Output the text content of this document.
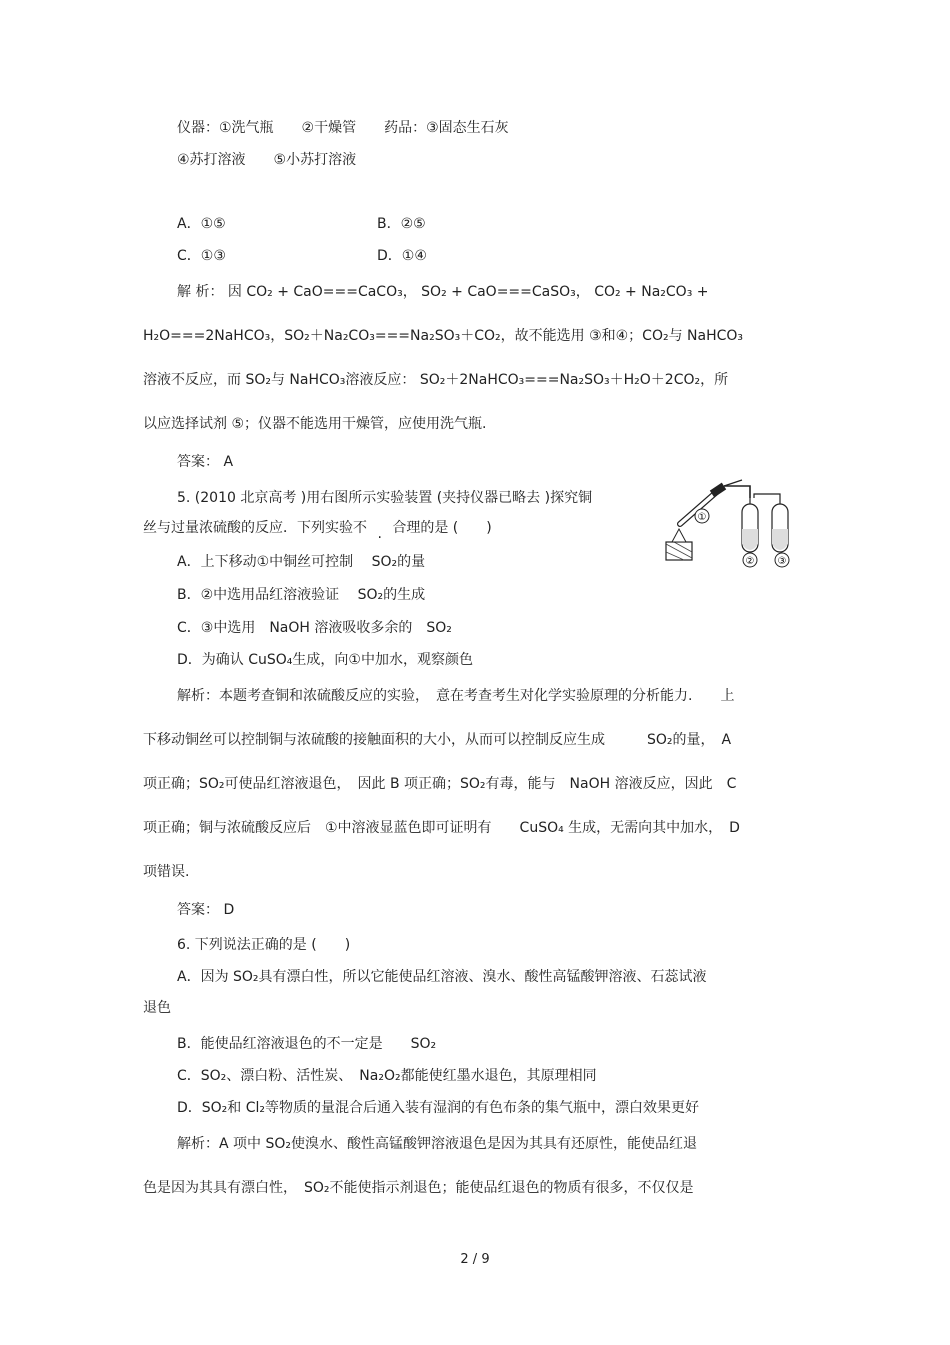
仪器：①洗气瓶　　②干燥管　　药品：③固态生石灰
④苏打溶液　　⑤小苏打溶液
A．①⑤	B．②⑤
C．①③	D．①④
解 析： 因 CO₂ + CaO===CaCO₃， SO₂ + CaO===CaSO₃， CO₂ + Na₂CO₃ +
H₂O===2NaHCO₃，SO₂＋Na₂CO₃===Na₂SO₃＋CO₂，故不能选用 ③和④；CO₂与 NaHCO₃
溶液不反应，而 SO₂与 NaHCO₃溶液反应： SO₂＋2NaHCO₃===Na₂SO₃＋H₂O＋2CO₂，所
以应选择试剂 ⑤；仪器不能选用干燥管，应使用洗气瓶.
答案： A
5. (2010 北京高考 )用右图所示实验装置 (夹持仪器已略去 )探究铜
丝与过量浓硫酸的反应．下列实验不 . 合理的是 (　　)
①
② ③
A．上下移动①中铜丝可控制　 SO₂的量
B．②中选用品红溶液验证　 SO₂的生成
C．③中选用　NaOH 溶液吸收多余的　SO₂
D．为确认 CuSO₄生成，向①中加水，观察颜色
解析：本题考查铜和浓硫酸反应的实验，　意在考查考生对化学实验原理的分析能力.　　上
下移动铜丝可以控制铜与浓硫酸的接触面积的大小，从而可以控制反应生成　　　SO₂的量，　A
项正确；SO₂可使品红溶液退色，　因此 B 项正确；SO₂有毒，能与　NaOH 溶液反应，因此　C
项正确；铜与浓硫酸反应后　①中溶液显蓝色即可证明有　　CuSO₄ 生成，无需向其中加水，　D
项错误.
答案： D
6. 下列说法正确的是 (　　)
A．因为 SO₂具有漂白性，所以它能使品红溶液、溴水、酸性高锰酸钾溶液、石蕊试液
退色
B．能使品红溶液退色的不一定是　　SO₂
C．SO₂、漂白粉、活性炭、　Na₂O₂都能使红墨水退色，其原理相同
D．SO₂和 Cl₂等物质的量混合后通入装有湿润的有色布条的集气瓶中，漂白效果更好
解析：A 项中 SO₂使溴水、酸性高锰酸钾溶液退色是因为其具有还原性，能使品红退
色是因为其具有漂白性，　SO₂不能使指示剂退色；能使品红退色的物质有很多，不仅仅是
2 / 9
